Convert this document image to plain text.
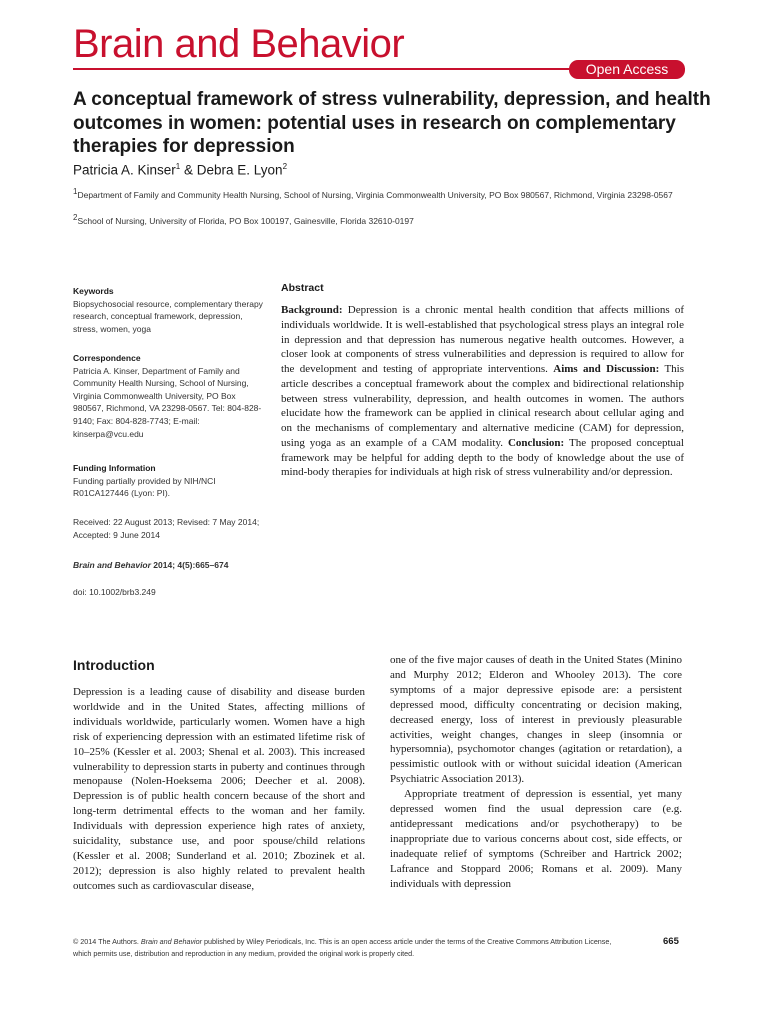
Brain and Behavior
Open Access
A conceptual framework of stress vulnerability, depression, and health outcomes in women: potential uses in research on complementary therapies for depression
Patricia A. Kinser$^1$ & Debra E. Lyon$^2$
$^1$Department of Family and Community Health Nursing, School of Nursing, Virginia Commonwealth University, PO Box 980567, Richmond, Virginia 23298-0567
$^2$School of Nursing, University of Florida, PO Box 100197, Gainesville, Florida 32610-0197
Keywords
Biopsychosocial resource, complementary therapy research, conceptual framework, depression, stress, women, yoga
Correspondence
Patricia A. Kinser, Department of Family and Community Health Nursing, School of Nursing, Virginia Commonwealth University, PO Box 980567, Richmond, VA 23298-0567. Tel: 804-828-9140; Fax: 804-828-7743; E-mail: kinserpa@vcu.edu
Funding Information
Funding partially provided by NIH/NCI R01CA127446 (Lyon: PI).
Received: 22 August 2013; Revised: 7 May 2014; Accepted: 9 June 2014
Brain and Behavior 2014; 4(5):665–674
doi: 10.1002/brb3.249
Abstract

Background: Depression is a chronic mental health condition that affects millions of individuals worldwide. It is well-established that psychological stress plays an integral role in depression and that depression has numerous negative health outcomes. However, a closer look at components of stress vulnerabilities and depression is required to allow for the development and testing of appropriate interventions. Aims and Discussion: This article describes a conceptual framework about the complex and bidirectional relationship between stress vulnerability, depression, and health outcomes in women. The authors elucidate how the framework can be applied in clinical research about cellular aging and on the mechanisms of complementary and alternative medicine (CAM) for depression, using yoga as an example of a CAM modality. Conclusion: The proposed conceptual framework may be helpful for adding depth to the body of knowledge about the use of mind-body therapies for individuals at high risk of stress vulnerability and/or depression.

Introduction

Depression is a leading cause of disability and disease burden worldwide and in the United States, affecting millions of individuals worldwide, particularly women. Women have a high risk of experiencing depression with an estimated lifetime risk of 10–25% (Kessler et al. 2003; Shenal et al. 2003). This increased vulnerability to depression starts in puberty and continues through menopause (Nolen-Hoeksema 2006; Deecher et al. 2008). Depression is of public health concern because of the short and long-term detrimental effects to the woman and her family. Individuals with depression experience high rates of anxiety, suicidality, substance use, and poor spouse/child relations (Kessler et al. 2008; Sunderland et al. 2010; Zbozinek et al. 2012); depression is also highly related to prevalent health outcomes such as cardiovascular disease,

one of the five major causes of death in the United States (Minino and Murphy 2012; Elderon and Whooley 2013). The core symptoms of a major depressive episode are: a persistent depressed mood, difficulty concentrating or decision making, decreased energy, loss of interest in previously pleasurable activities, weight changes, changes in sleep (insomnia or hypersomnia), psychomotor changes (agitation or retardation), a pessimistic outlook with or without suicidal ideation (American Psychiatric Association 2013).

Appropriate treatment of depression is essential, yet many depressed women find the usual depression care (e.g. antidepressant medications and/or psychotherapy) to be inappropriate due to various concerns about cost, side effects, or inadequate relief of symptoms (Schreiber and Hartrick 2002; Lafrance and Stoppard 2006; Romans et al. 2009). Many individuals with depression

© 2014 The Authors. Brain and Behavior published by Wiley Periodicals, Inc. This is an open access article under the terms of the Creative Commons Attribution License, which permits use, distribution and reproduction in any medium, provided the original work is properly cited.
665
